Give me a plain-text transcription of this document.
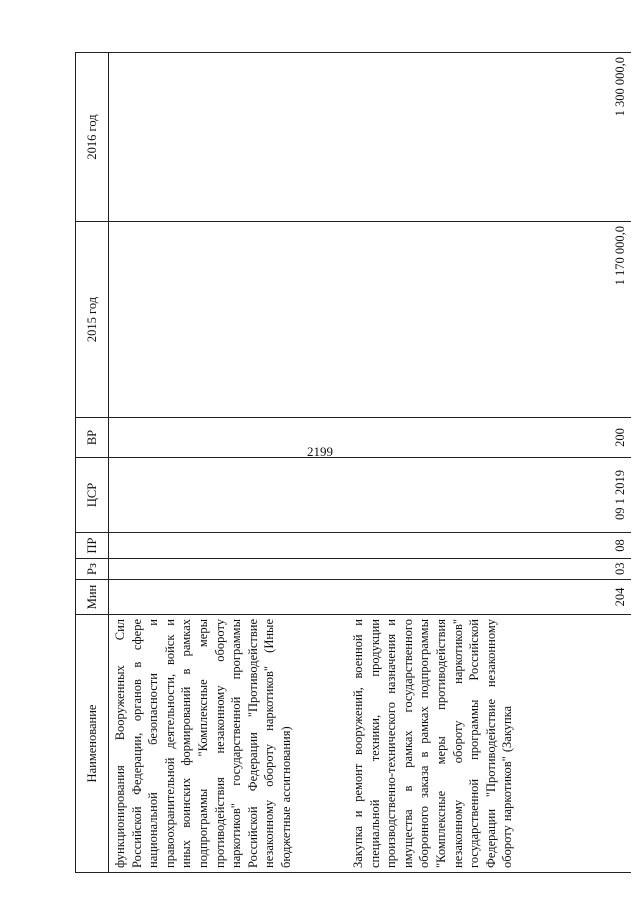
2199
Наименование	Мин	Рз	ПР	ЦСР	ВР	2015 год	2016 год
функционирования Вооруженных Сил Российской Федерации, органов в сфере национальной безопасности и правоохранительной деятельности, войск и иных воинских формирований в рамках подпрограммы "Комплексные меры противодействия незаконному обороту наркотиков" государственной программы Российской Федерации "Противодействие незаконному обороту наркотиков" (Иные бюджетные ассигнования)							
Закупка и ремонт вооружений, военной и специальной техники, продукции производственно-технического назначения и имущества в рамках государственного оборонного заказа в рамках подпрограммы "Комплексные меры противодействия незаконному обороту наркотиков" государственной программы Российской Федерации "Противодействие незаконному обороту наркотиков" (Закупка	204	03	08	09 1 2019	200	1 170 000,0	1 300 000,0
